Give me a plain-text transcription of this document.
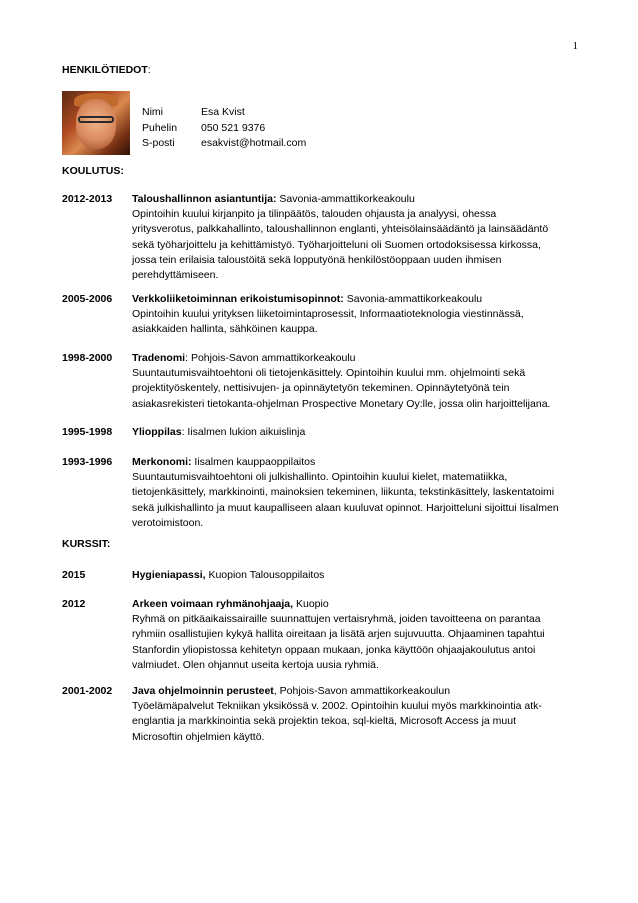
1
HENKILÖTIEDOT:
Nimi	Esa Kvist
Puhelin	050 521 9376
S-posti	esakvist@hotmail.com
KOULUTUS:
2012-2013 Taloushallinnon asiantuntija: Savonia-ammattikorkeakoulu
Opintoihin kuului kirjanpito ja tilinpäätös, talouden ohjausta ja analyysi, ohessa
yritysverotus, palkkahallinto, taloushallinnon englanti, yhteisölainsäädäntö ja lainsäädäntö
sekä työharjoittelu ja kehittämistyö. Työharjoitteluni oli Suomen ortodoksisessa kirkossa,
jossa tein erilaisia taloustöitä sekä lopputyönä henkilöstöoppaan uuden ihmisen
perehdyttämiseen.
2005-2006 Verkkoliiketoiminnan erikoistumisopinnot: Savonia-ammattikorkeakoulu
Opintoihin kuului yrityksen liiketoimintaprosessit, Informaatioteknologia viestinnässä,
asiakkaiden hallinta, sähköinen kauppa.
1998-2000 Tradenomi: Pohjois-Savon ammattikorkeakoulu
Suuntautumisvaihtoehtoni oli tietojenkäsittely. Opintoihin kuului mm. ohjelmointi sekä
projektityöskentely, nettisivujen- ja opinnäytetyön tekeminen. Opinnäytetyönä tein
asiakasrekisteri tietokanta-ohjelman Prospective Monetary Oy:lle, jossa olin harjoittelijana.
1995-1998 Ylioppilas: Iisalmen lukion aikuislinja
1993-1996 Merkonomi: Iisalmen kauppaoppilaitos
Suuntautumisvaihtoehtoni oli julkishallinto. Opintoihin kuului kielet, matematiikka,
tietojenkäsittely, markkinointi, mainoksien tekeminen, liikunta, tekstinkäsittely, laskentatoimi
sekä julkishallinto ja muut kaupalliseen alaan kuuluvat opinnot. Harjoitteluni sijoittui Iisalmen
verotoimistoon.
KURSSIT:
2015	Hygieniapassi, Kuopion Talousoppilaitos
2012	Arkeen voimaan ryhmänohjaaja, Kuopio
Ryhmä on pitkäaikaissairaille suunnattujen vertaisryhmä, joiden tavoitteena on parantaa
ryhmiin osallistujien kykyä hallita oireitaan ja lisätä arjen sujuvuutta. Ohjaaminen tapahtui
Stanfordin yliopistossa kehitetyn oppaan mukaan, jonka käyttöön ohjaajakoulutus antoi
valmiudet. Olen ohjannut useita kertoja uusia ryhmiä.
2001-2002 Java ohjelmoinnin perusteet, Pohjois-Savon ammattikorkeakoulun
Työelämäpalvelut Tekniikan yksikössä v. 2002. Opintoihin kuului myös markkinointia atk-
englantia ja markkinointia sekä projektin tekoa, sql-kieltä, Microsoft Access ja muut
Microsoftin ohjelmien käyttö.
